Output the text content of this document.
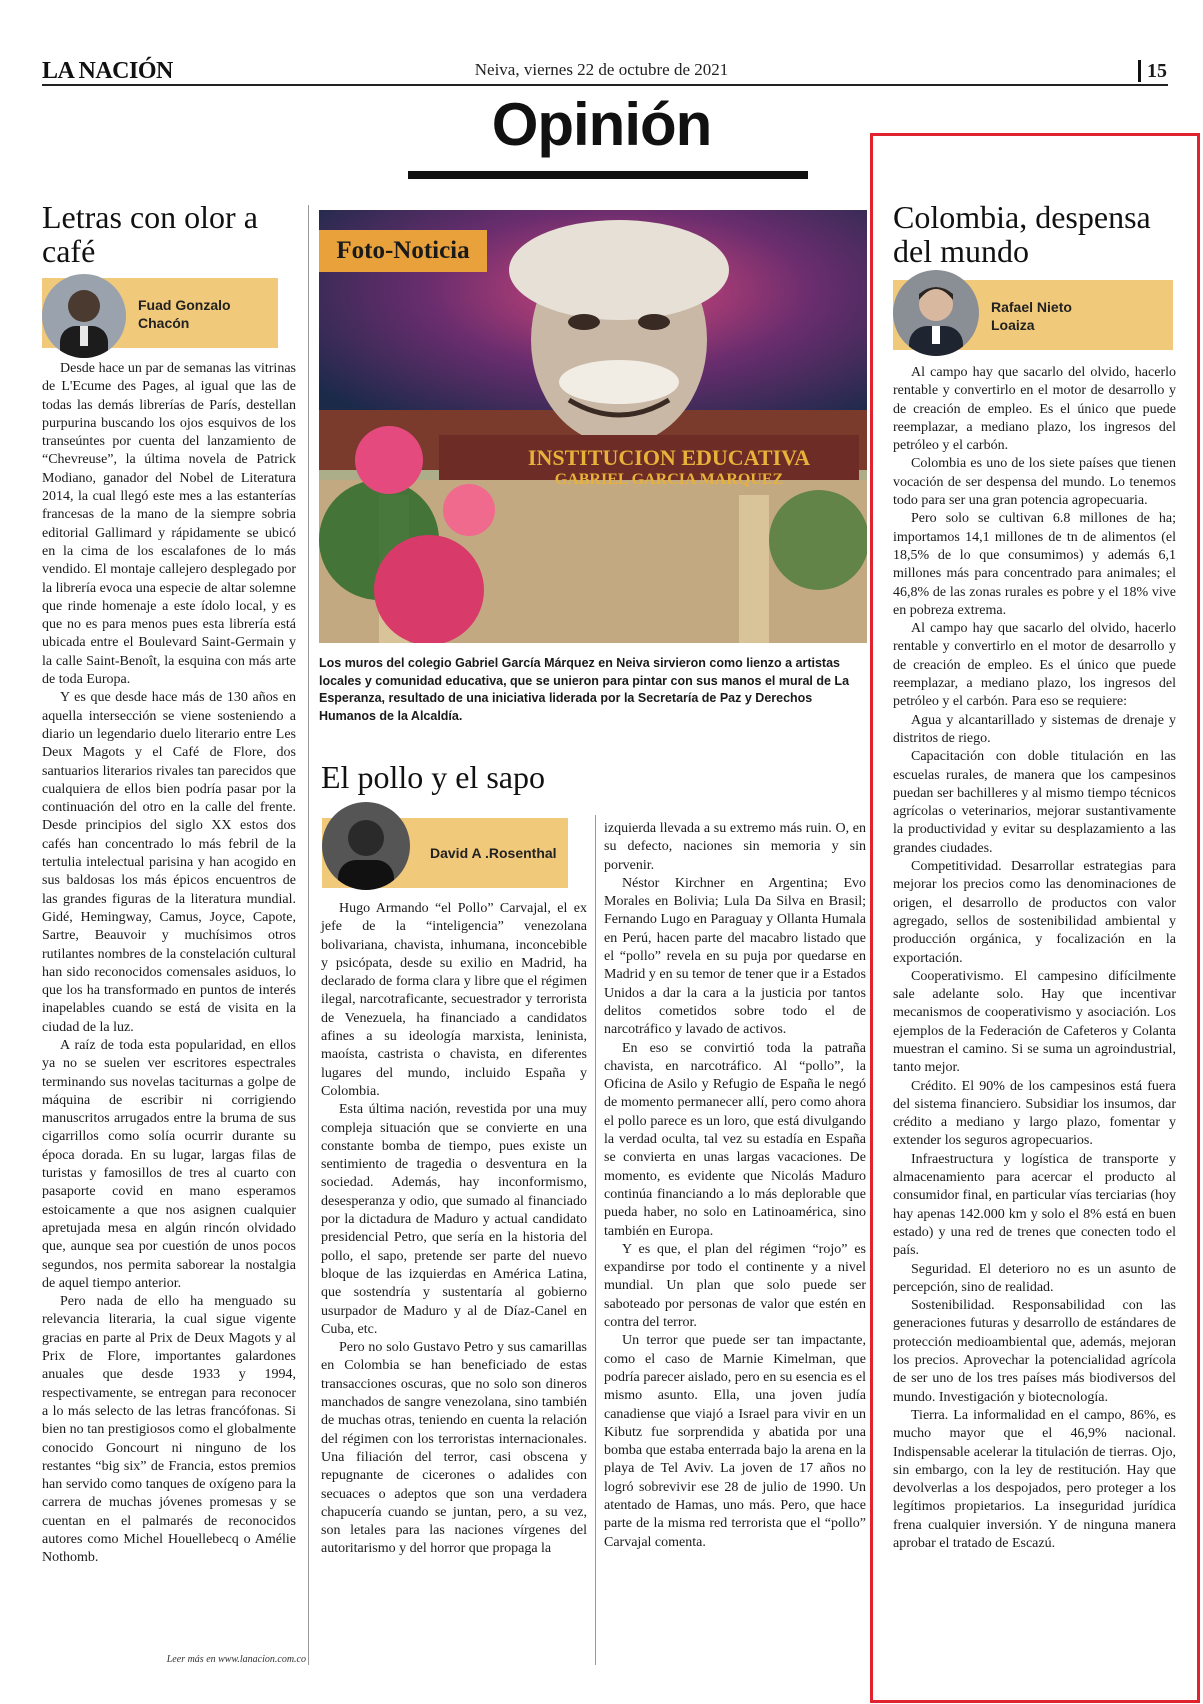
LA NACIÓN	Neiva, viernes 22 de octubre de 2021	15
Opinión
Letras con olor a café
Fuad Gonzalo Chacón

Desde hace un par de semanas las vitrinas de L'Ecume des Pages, al igual que las de todas las demás librerías de París, destellan purpurina buscando los ojos esquivos de los transeúntes por cuenta del lanzamiento de “Chevreuse”, la última novela de Patrick Modiano, ganador del Nobel de Literatura 2014, la cual llegó este mes a las estanterías francesas de la mano de la siempre sobria editorial Gallimard y rápidamente se ubicó en la cima de los escalafones de lo más vendido. El montaje callejero desplegado por la librería evoca una especie de altar solemne que rinde homenaje a este ídolo local, y es que no es para menos pues esta librería está ubicada entre el Boulevard Saint-Germain y la calle Saint-Benoît, la esquina con más arte de toda Europa.

Y es que desde hace más de 130 años en aquella intersección se viene sosteniendo a diario un legendario duelo literario entre Les Deux Magots y el Café de Flore, dos santuarios literarios rivales tan parecidos que cualquiera de ellos bien podría pasar por la continuación del otro en la calle del frente. Desde principios del siglo XX estos dos cafés han concentrado lo más febril de la tertulia intelectual parisina y han acogido en sus baldosas los más épicos encuentros de las grandes figuras de la literatura mundial. Gidé, Hemingway, Camus, Joyce, Capote, Sartre, Beauvoir y muchísimos otros rutilantes nombres de la constelación cultural han sido reconocidos comensales asiduos, lo que los ha transformado en puntos de interés inapelables cuando se está de visita en la ciudad de la luz.

A raíz de toda esta popularidad, en ellos ya no se suelen ver escritores espectrales terminando sus novelas taciturnas a golpe de máquina de escribir ni corrigiendo manuscritos arrugados entre la bruma de sus cigarrillos como solía ocurrir durante su época dorada. En su lugar, largas filas de turistas y famosillos de tres al cuarto con pasaporte covid en mano esperamos estoicamente a que nos asignen cualquier apretujada mesa en algún rincón olvidado que, aunque sea por cuestión de unos pocos segundos, nos permita saborear la nostalgia de aquel tiempo anterior.

Pero nada de ello ha menguado su relevancia literaria, la cual sigue vigente gracias en parte al Prix de Deux Magots y al Prix de Flore, importantes galardones anuales que desde 1933 y 1994, respectivamente, se entregan para reconocer a lo más selecto de las letras francófonas. Si bien no tan prestigiosos como el globalmente conocido Goncourt ni ninguno de los restantes “big six” de Francia, estos premios han servido como tanques de oxígeno para la carrera de muchas jóvenes promesas y se cuentan en el palmarés de reconocidos autores como Michel Houellebecq o Amélie Nothomb.

Leer más en www.lanacion.com.co
INSTITUCION EDUCATIVA
GABRIEL GARCIA MARQUEZ
Foto-Noticia
Los muros del colegio Gabriel García Márquez en Neiva sirvieron como lienzo a artistas locales y comunidad educativa, que se unieron para pintar con sus manos el mural de La Esperanza, resultado de una iniciativa liderada por la Secretaría de Paz y Derechos Humanos de la Alcaldía.
El pollo y el sapo
David A .Rosenthal

Hugo Armando “el Pollo” Carvajal, el ex jefe de la “inteligencia” venezolana bolivariana, chavista, inhumana, inconcebible y psicópata, desde su exilio en Madrid, ha declarado de forma clara y libre que el régimen ilegal, narcotraficante, secuestrador y terrorista de Venezuela, ha financiado a candidatos afines a su ideología marxista, leninista, maoísta, castrista o chavista, en diferentes lugares del mundo, incluido España y Colombia.

Esta última nación, revestida por una muy compleja situación que se convierte en una constante bomba de tiempo, pues existe un sentimiento de tragedia o desventura en la sociedad. Además, hay inconformismo, desesperanza y odio, que sumado al financiado por la dictadura de Maduro y actual candidato presidencial Petro, que sería en la historia del pollo, el sapo, pretende ser parte del nuevo bloque de las izquierdas en América Latina, que sostendría y sustentaría al gobierno usurpador de Maduro y al de Díaz-Canel en Cuba, etc.

Pero no solo Gustavo Petro y sus camarillas en Colombia se han beneficiado de estas transacciones oscuras, que no solo son dineros manchados de sangre venezolana, sino también de muchas otras, teniendo en cuenta la relación del régimen con los terroristas internacionales. Una filiación del terror, casi obscena y repugnante de cicerones o adalides con secuaces o adeptos que son una verdadera chapucería cuando se juntan, pero, a su vez, son letales para las naciones vírgenes del autoritarismo y del horror que propaga la

izquierda llevada a su extremo más ruin. O, en su defecto, naciones sin memoria y sin porvenir.

Néstor Kirchner en Argentina; Evo Morales en Bolivia; Lula Da Silva en Brasil; Fernando Lugo en Paraguay y Ollanta Humala en Perú, hacen parte del macabro listado que el “pollo” revela en su puja por quedarse en Madrid y en su temor de tener que ir a Estados Unidos a dar la cara a la justicia por tantos delitos cometidos sobre todo el de narcotráfico y lavado de activos.

En eso se convirtió toda la patraña chavista, en narcotráfico. Al “pollo”, la Oficina de Asilo y Refugio de España le negó de momento permanecer allí, pero como ahora el pollo parece es un loro, que está divulgando la verdad oculta, tal vez su estadía en España se convierta en unas largas vacaciones. De momento, es evidente que Nicolás Maduro continúa financiando a lo más deplorable que pueda haber, no solo en Latinoamérica, sino también en Europa.

Y es que, el plan del régimen “rojo” es expandirse por todo el continente y a nivel mundial. Un plan que solo puede ser saboteado por personas de valor que estén en contra del terror.

Un terror que puede ser tan impactante, como el caso de Marnie Kimelman, que podría parecer aislado, pero en su esencia es el mismo asunto. Ella, una joven judía canadiense que viajó a Israel para vivir en un Kibutz fue sorprendida y abatida por una bomba que estaba enterrada bajo la arena en la playa de Tel Aviv. La joven de 17 años no logró sobrevivir ese 28 de julio de 1990. Un atentado de Hamas, uno más. Pero, que hace parte de la misma red terrorista que el “pollo” Carvajal comenta.

Colombia, despensa del mundo
Rafael Nieto Loaiza

Al campo hay que sacarlo del olvido, hacerlo rentable y convertirlo en el motor de desarrollo y de creación de empleo. Es el único que puede reemplazar, a mediano plazo, los ingresos del petróleo y el carbón.

Colombia es uno de los siete países que tienen vocación de ser despensa del mundo. Lo tenemos todo para ser una gran potencia agropecuaria.

Pero solo se cultivan 6.8 millones de ha; importamos 14,1 millones de tn de alimentos (el 18,5% de lo que consumimos) y además 6,1 millones más para concentrado para animales; el 46,8% de las zonas rurales es pobre y el 18% vive en pobreza extrema.

Al campo hay que sacarlo del olvido, hacerlo rentable y convertirlo en el motor de desarrollo y de creación de empleo. Es el único que puede reemplazar, a mediano plazo, los ingresos del petróleo y el carbón. Para eso se requiere:

Agua y alcantarillado y sistemas de drenaje y distritos de riego.

Capacitación con doble titulación en las escuelas rurales, de manera que los campesinos puedan ser bachilleres y al mismo tiempo técnicos agrícolas o veterinarios, mejorar sustantivamente la productividad y evitar su desplazamiento a las grandes ciudades.

Competitividad. Desarrollar estrategias para mejorar los precios como las denominaciones de origen, el desarrollo de productos con valor agregado, sellos de sostenibilidad ambiental y producción orgánica, y focalización en la exportación.

Cooperativismo. El campesino difícilmente sale adelante solo. Hay que incentivar mecanismos de cooperativismo y asociación. Los ejemplos de la Federación de Cafeteros y Colanta muestran el camino. Si se suma un agroindustrial, tanto mejor.

Crédito. El 90% de los campesinos está fuera del sistema financiero. Subsidiar los insumos, dar crédito a mediano y largo plazo, fomentar y extender los seguros agropecuarios.

Infraestructura y logística de transporte y almacenamiento para acercar el producto al consumidor final, en particular vías terciarias (hoy hay apenas 142.000 km y solo el 8% está en buen estado) y una red de trenes que conecten todo el país.

Seguridad. El deterioro no es un asunto de percepción, sino de realidad.

Sostenibilidad. Responsabilidad con las generaciones futuras y desarrollo de estándares de protección medioambiental que, además, mejoran los precios. Aprovechar la potencialidad agrícola de ser uno de los tres países más biodiversos del mundo. Investigación y biotecnología.

Tierra. La informalidad en el campo, 86%, es mucho mayor que el 46,9% nacional. Indispensable acelerar la titulación de tierras. Ojo, sin embargo, con la ley de restitución. Hay que devolverlas a los despojados, pero proteger a los legítimos propietarios. La inseguridad jurídica frena cualquier inversión. Y de ninguna manera aprobar el tratado de Escazú.
